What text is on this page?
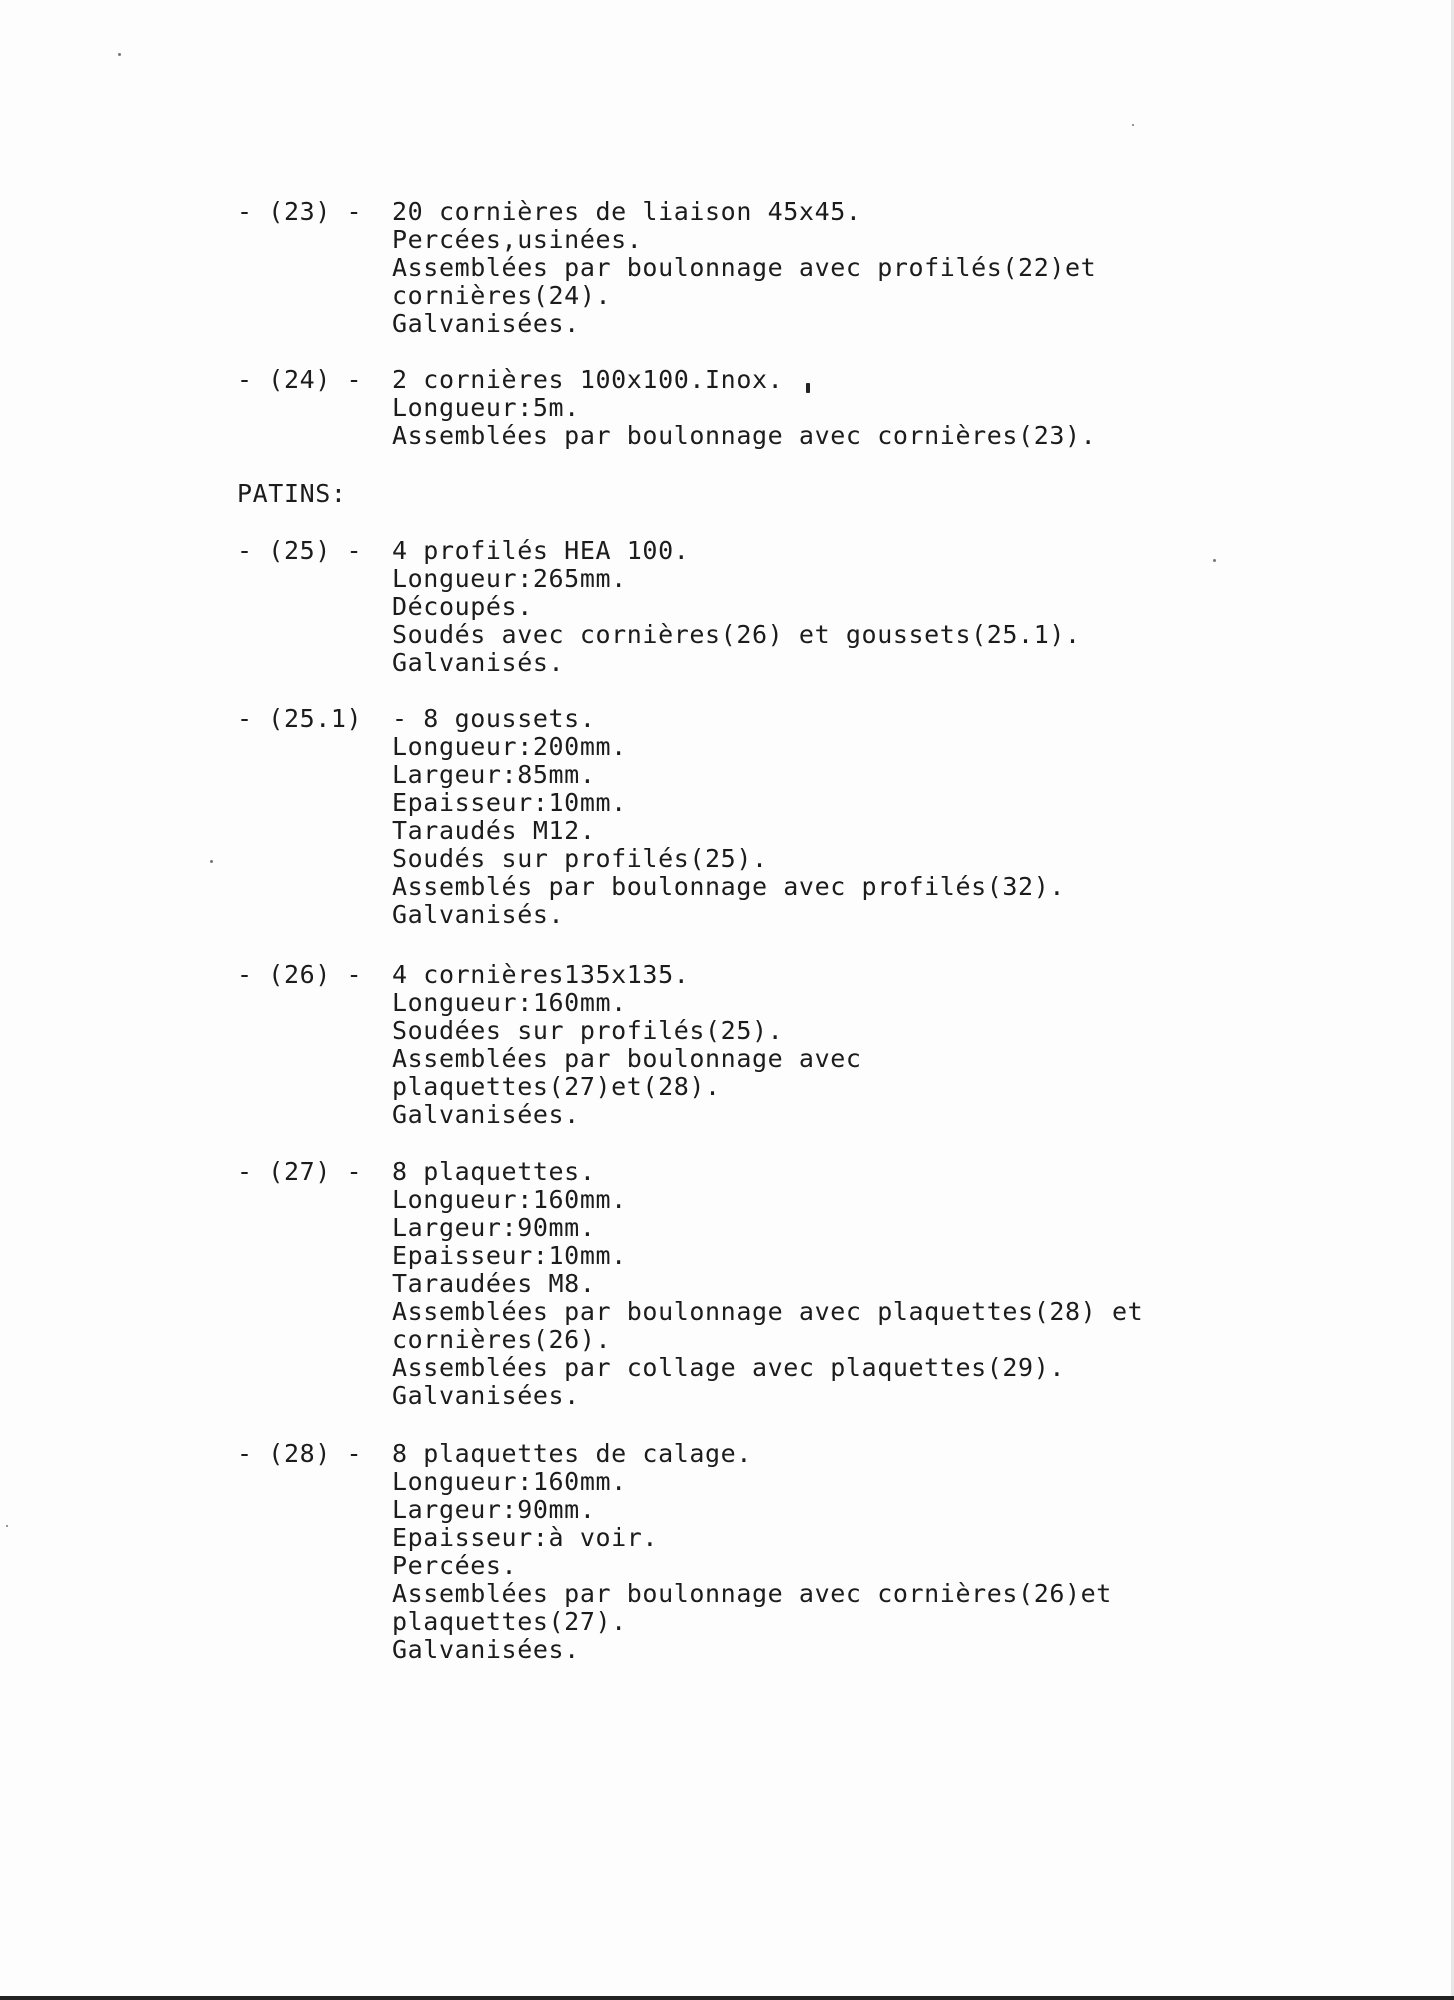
- (23) - 20 cornières de liaison 45x45.
Percées,usinées.
Assemblées par boulonnage avec profilés(22)et
cornières(24).
Galvanisées.
- (24) - 2 cornières 100x100.Inox.
Longueur:5m.
Assemblées par boulonnage avec cornières(23).
PATINS:
- (25) - 4 profilés HEA 100.
Longueur:265mm.
Découpés.
Soudés avec cornières(26) et goussets(25.1).
Galvanisés.
- (25.1) - 8 goussets.
Longueur:200mm.
Largeur:85mm.
Epaisseur:10mm.
Taraudés M12.
Soudés sur profilés(25).
Assemblés par boulonnage avec profilés(32).
Galvanisés.
- (26) - 4 cornières135x135.
Longueur:160mm.
Soudées sur profilés(25).
Assemblées par boulonnage avec
plaquettes(27)et(28).
Galvanisées.
- (27) - 8 plaquettes.
Longueur:160mm.
Largeur:90mm.
Epaisseur:10mm.
Taraudées M8.
Assemblées par boulonnage avec plaquettes(28) et
cornières(26).
Assemblées par collage avec plaquettes(29).
Galvanisées.
- (28) - 8 plaquettes de calage.
Longueur:160mm.
Largeur:90mm.
Epaisseur:à voir.
Percées.
Assemblées par boulonnage avec cornières(26)et
plaquettes(27).
Galvanisées.
